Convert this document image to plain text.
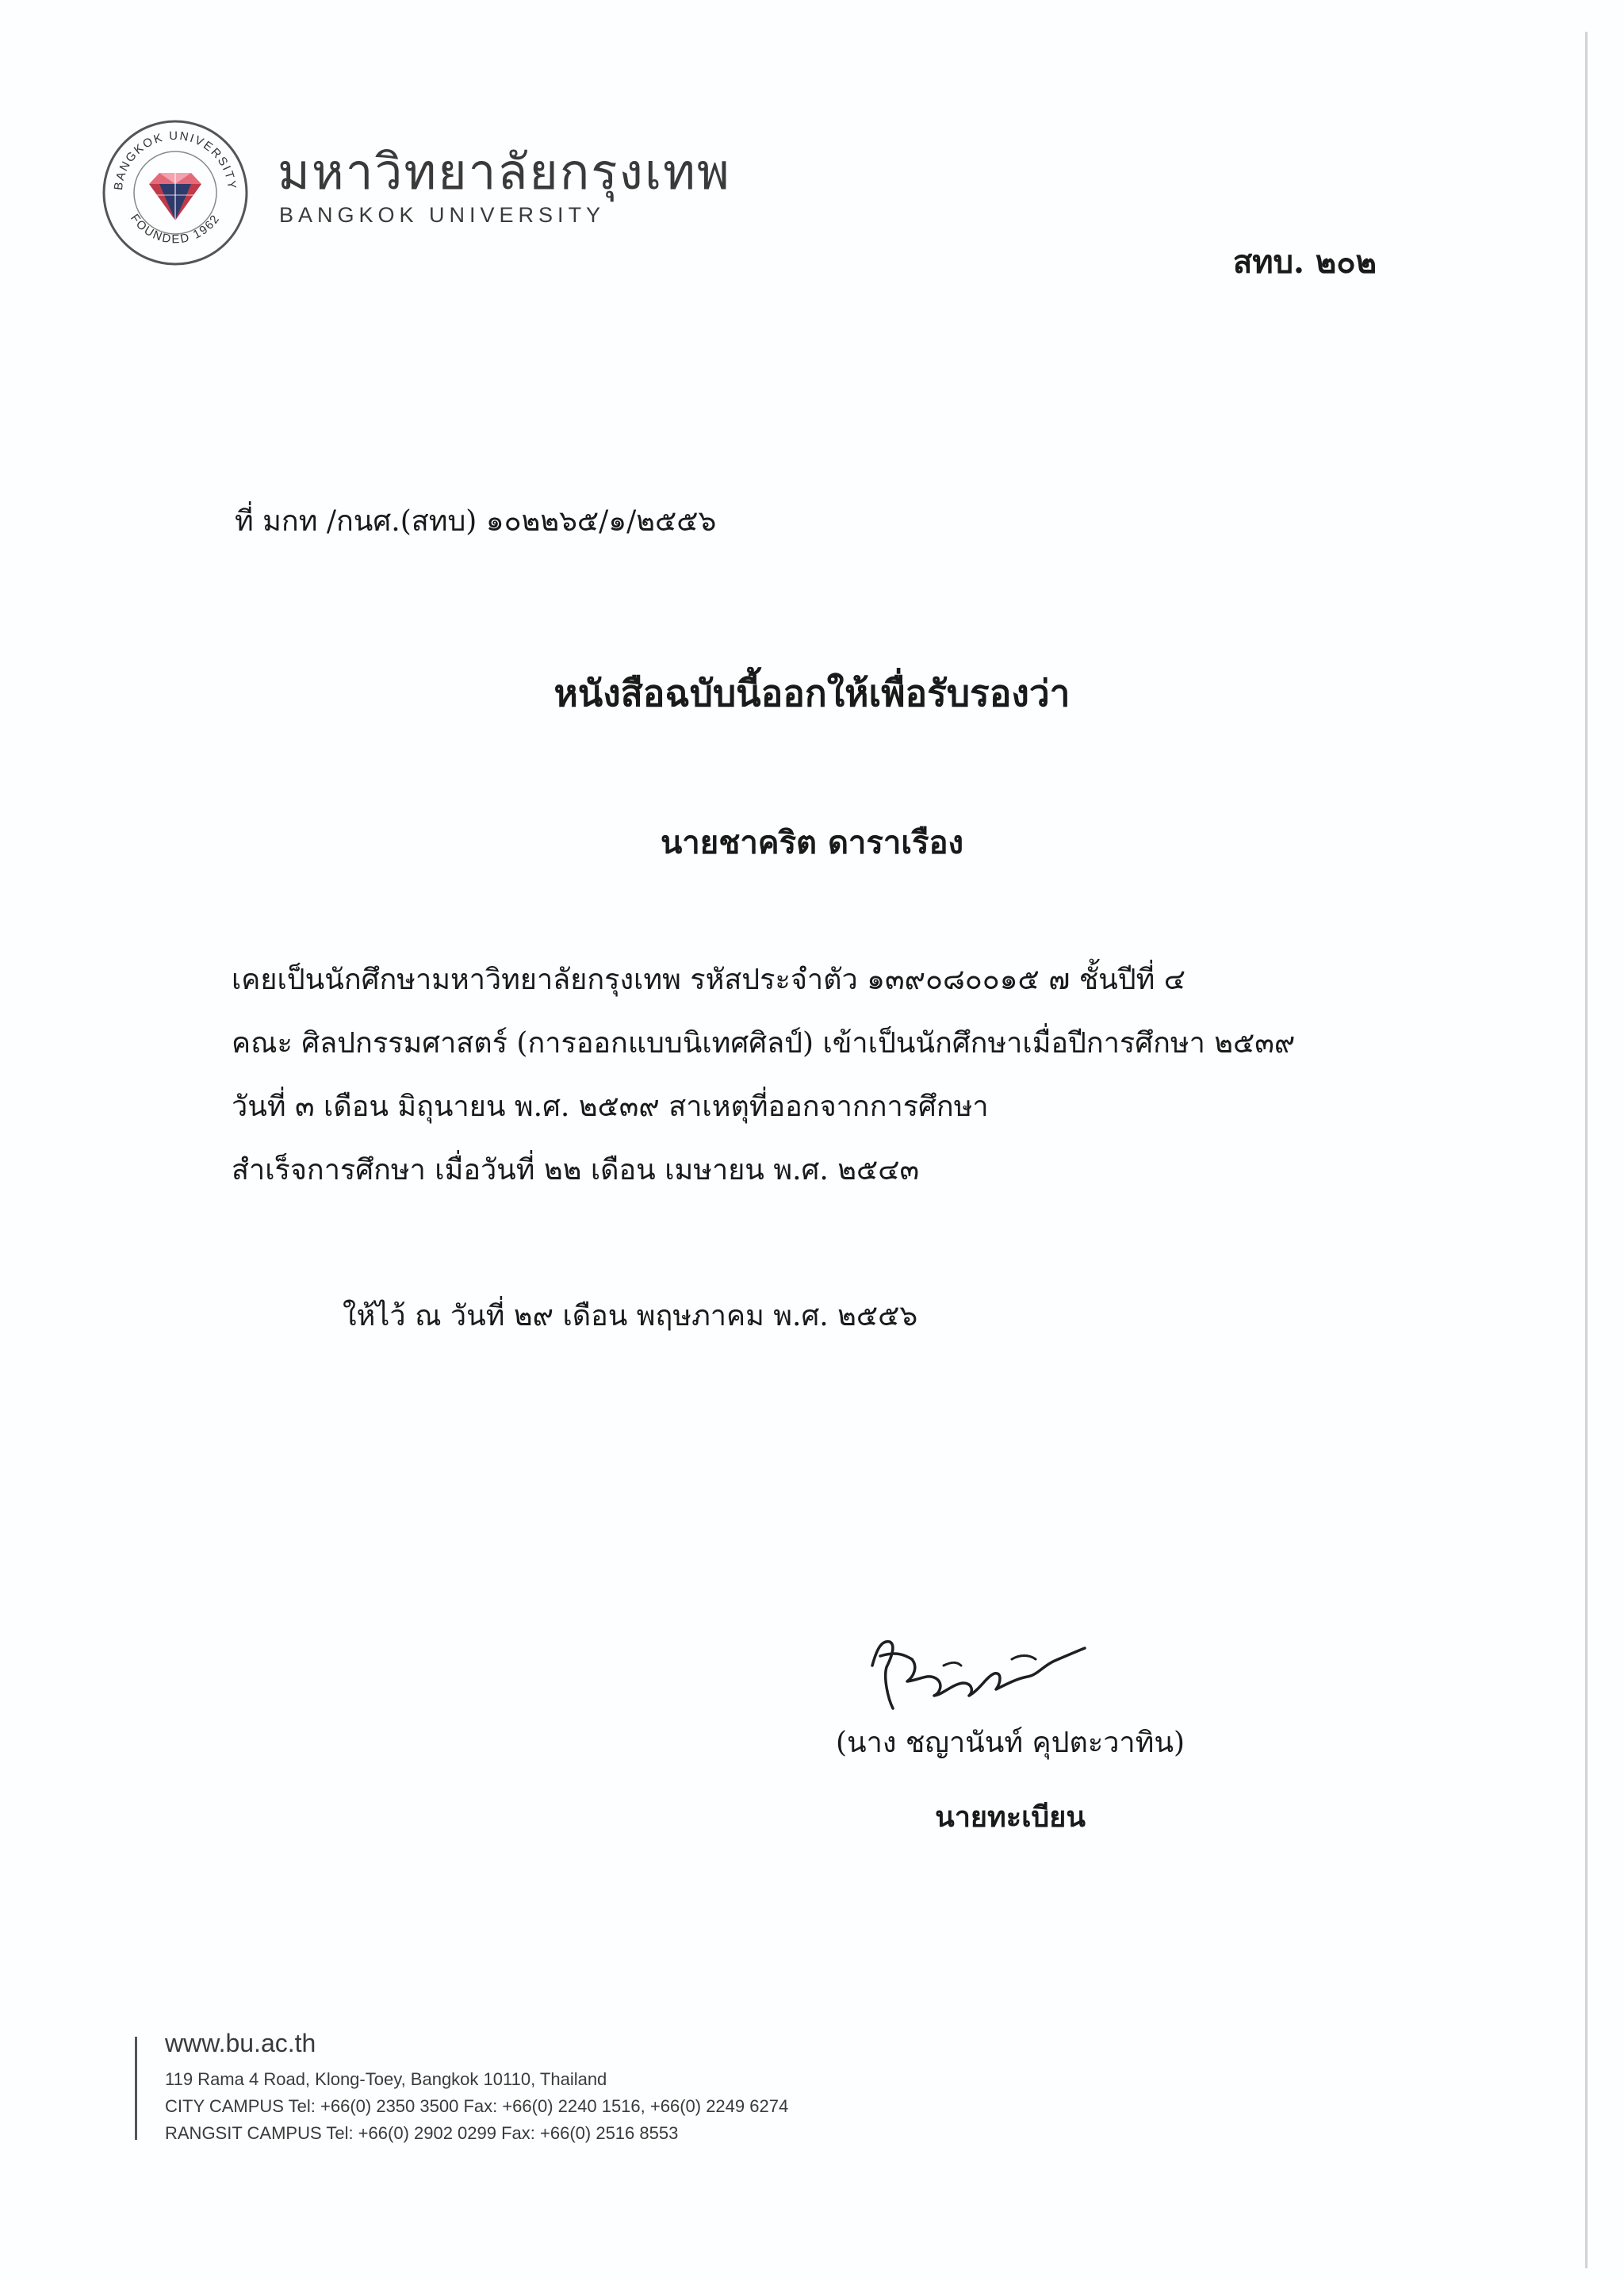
BANGKOK UNIVERSITY
FOUNDED 1962
มหาวิทยาลัยกรุงเทพ
BANGKOK UNIVERSITY
สทบ. ๒๐๒
ที่ มกท /กนศ.(สทบ) ๑๐๒๒๖๕/๑/๒๕๕๖
หนังสือฉบับนี้ออกให้เพื่อรับรองว่า
นายชาคริต ดาราเรือง
เคยเป็นนักศึกษามหาวิทยาลัยกรุงเทพ รหัสประจำตัว ๑๓๙๐๘๐๐๑๕ ๗ ชั้นปีที่ ๔
คณะ ศิลปกรรมศาสตร์ (การออกแบบนิเทศศิลป์) เข้าเป็นนักศึกษาเมื่อปีการศึกษา ๒๕๓๙
วันที่ ๓ เดือน มิถุนายน พ.ศ. ๒๕๓๙ สาเหตุที่ออกจากการศึกษา
สำเร็จการศึกษา เมื่อวันที่ ๒๒ เดือน เมษายน พ.ศ. ๒๕๔๓
ให้ไว้ ณ วันที่ ๒๙ เดือน พฤษภาคม พ.ศ. ๒๕๕๖
(นาง ชญานันท์ คุปตะวาทิน)
นายทะเบียน
www.bu.ac.th
119 Rama 4 Road, Klong-Toey, Bangkok 10110, Thailand
CITY CAMPUS Tel: +66(0) 2350 3500 Fax: +66(0) 2240 1516, +66(0) 2249 6274
RANGSIT CAMPUS Tel: +66(0) 2902 0299 Fax: +66(0) 2516 8553
